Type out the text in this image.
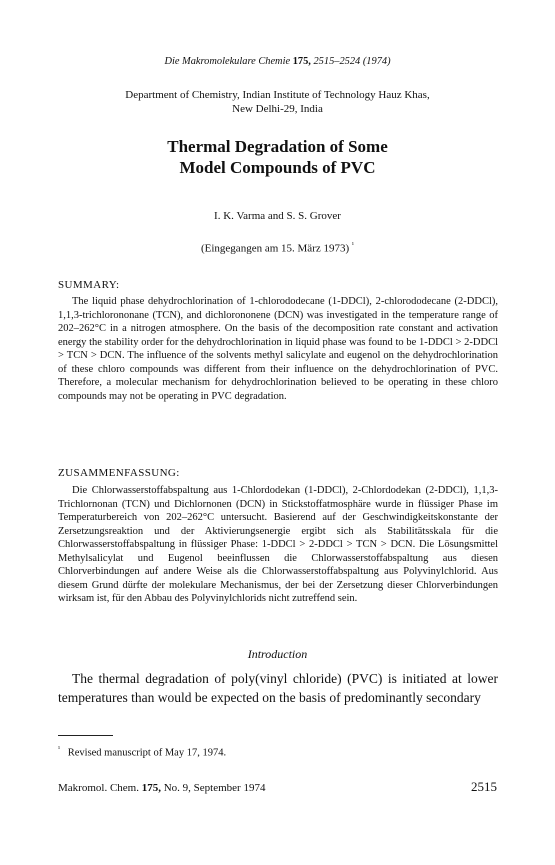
Die Makromolekulare Chemie 175, 2515–2524 (1974)
Department of Chemistry, Indian Institute of Technology Hauz Khas,
New Delhi-29, India
Thermal Degradation of Some
Model Compounds of PVC
I. K. Varma and S. S. Grover
(Eingegangen am 15. März 1973) $^{^1}$
SUMMARY:

The liquid phase dehydrochlorination of 1-chlorododecane (1-DDCl), 2-chlorododecane (2-DDCl), 1,1,3-trichlorononane (TCN), and dichlorononene (DCN) was investigated in the temperature range of 202–262°C in a nitrogen atmosphere. On the basis of the decomposition rate constant and activation energy the stability order for the dehydrochlorination in liquid phase was found to be 1-DDCl > 2-DDCl > TCN > DCN. The influence of the solvents methyl salicylate and eugenol on the dehydrochlorination of these chloro compounds was different from their influence on the dehydrochlorination of PVC. Therefore, a molecular mechanism for dehydrochlorination believed to be operating in these chloro compounds may not be operating in PVC degradation.

ZUSAMMENFASSUNG:

Die Chlorwasserstoffabspaltung aus 1-Chlordodekan (1-DDCl), 2-Chlordodekan (2-DDCl), 1,1,3-Trichlornonan (TCN) und Dichlornonen (DCN) in Stickstoffatmosphäre wurde in flüssiger Phase im Temperaturbereich von 202–262°C untersucht. Basierend auf der Geschwindigkeitskonstante der Zersetzungsreaktion und der Aktivierungsenergie ergibt sich als Stabilitätsskala für die Chlorwasserstoffabspaltung in flüssiger Phase: 1-DDCl > 2-DDCl > TCN > DCN. Die Lösungsmittel Methylsalicylat und Eugenol beeinflussen die Chlorwasserstoffabspaltung aus diesen Chlorverbindungen auf andere Weise als die Chlorwasserstoffabspaltung aus Polyvinylchlorid. Aus diesem Grund dürfte der molekulare Mechanismus, der bei der Zersetzung dieser Chlorverbindungen wirksam ist, für den Abbau des Polyvinylchlorids nicht zutreffend sein.

Introduction

The thermal degradation of poly(vinyl chloride) (PVC) is initiated at lower temperatures than would be expected on the basis of predominantly secondary

$^{^1}$ Revised manuscript of May 17, 1974.
Makromol. Chem. 175, No. 9, September 1974	2515
